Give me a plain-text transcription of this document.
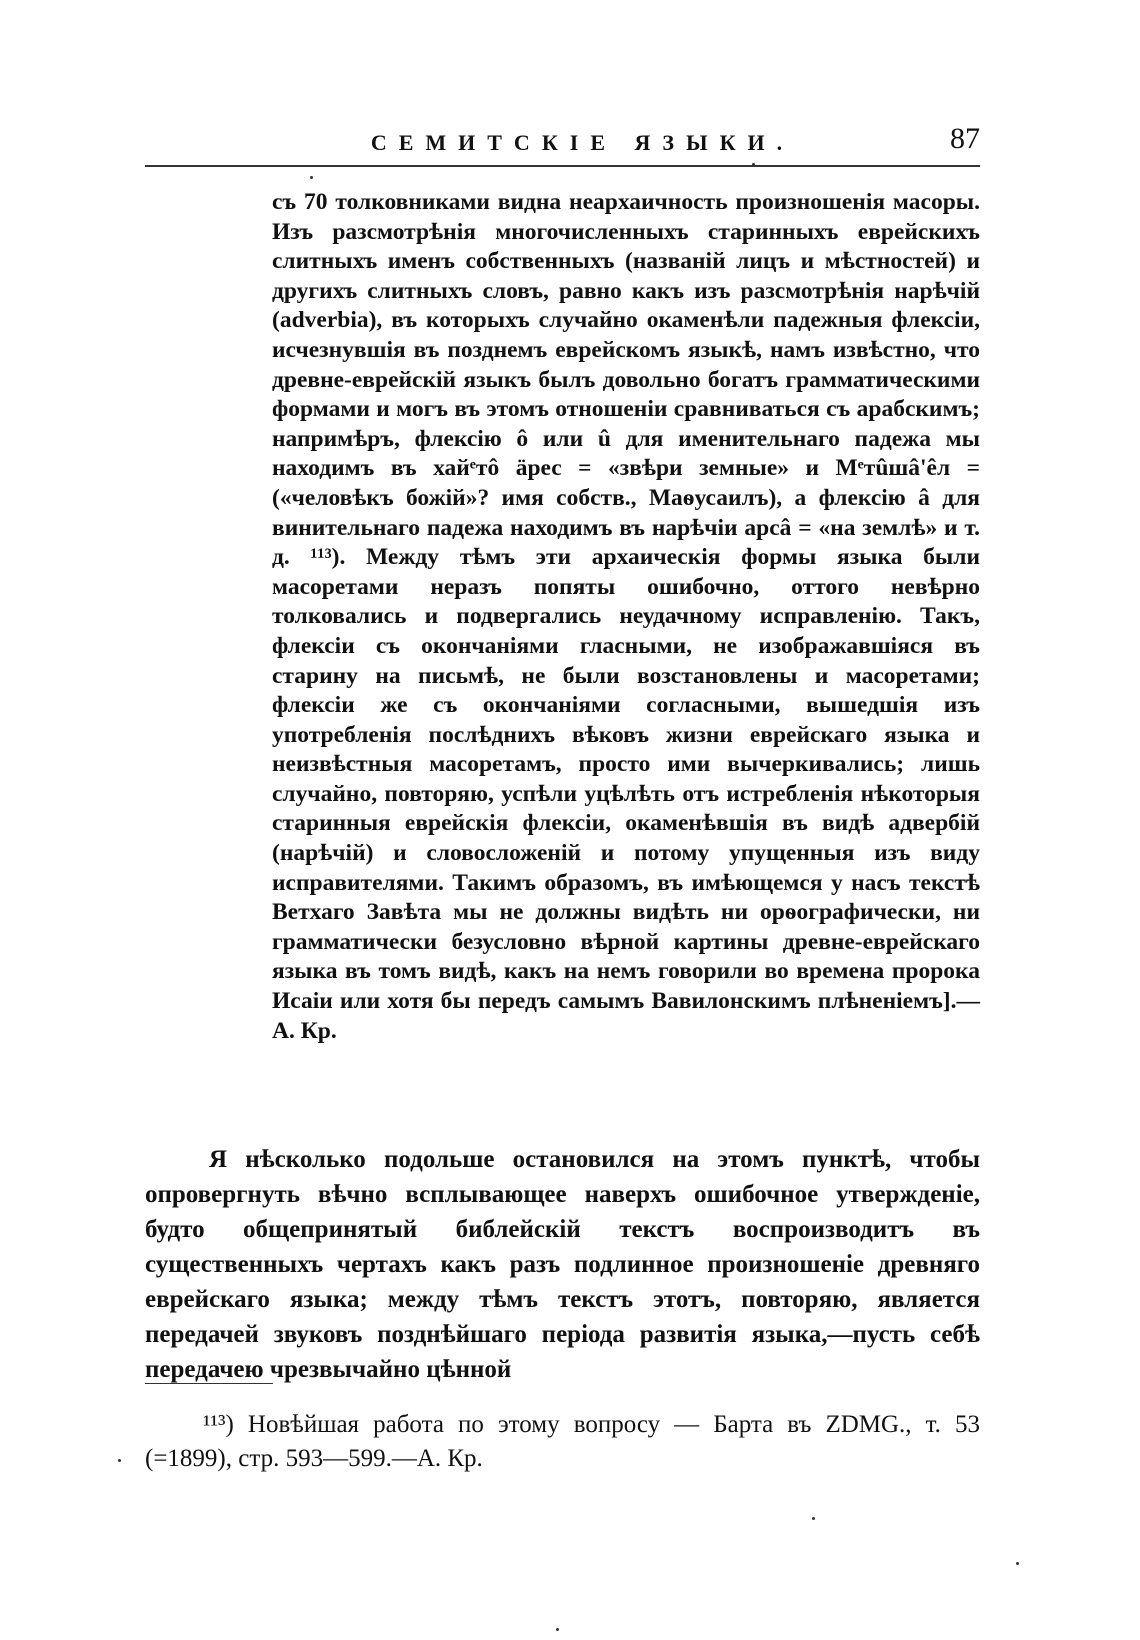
СЕМИТСКІЕ ЯЗЫКИ.	87

съ 70 толковниками видна неархаичность произношенія масоры. Изъ разсмотрѣнія многочисленныхъ старинныхъ еврейскихъ слитныхъ именъ собственныхъ (названій лицъ и мѣстностей) и другихъ слитныхъ словъ, равно какъ изъ разсмотрѣнія нарѣчій (adverbia), въ которыхъ случайно окаменѣли падежныя флексіи, исчезнувшія въ позднемъ еврейскомъ языкѣ, намъ извѣстно, что древне-еврейскій языкъ былъ довольно богатъ грамматическими формами и могъ въ этомъ отношеніи сравниваться съ арабскимъ; напримѣръ, флексію ô или û для именительнаго падежа мы находимъ въ хайᵉтô äрес = «звѣри земные» и Мᵉтûшâ'êл = («человѣкъ божій»? имя собств., Маѳусаилъ), а флексію â для винительнаго падежа находимъ въ нарѣчіи арсâ = «на землѣ» и т. д. ¹¹³). Между тѣмъ эти архаическія формы языка были масоретами неразъ попяты ошибочно, оттого невѣрно толковались и подвергались неудачному исправленію. Такъ, флексіи съ окончаніями гласными, не изображавшіяся въ старину на письмѣ, не были возстановлены и масоретами; флексіи же съ окончаніями согласными, вышедшія изъ употребленія послѣднихъ вѣковъ жизни еврейскаго языка и неизвѣстныя масоретамъ, просто ими вычеркивались; лишь случайно, повторяю, успѣли уцѣлѣть отъ истребленія нѣкоторыя старинныя еврейскія флексіи, окаменѣвшія въ видѣ адвербій (нарѣчій) и словосложеній и потому упущенныя изъ виду исправителями. Такимъ образомъ, въ имѣющемся у насъ текстѣ Ветхаго Завѣта мы не должны видѣть ни орѳографически, ни грамматически безусловно вѣрной картины древне-еврейскаго языка въ томъ видѣ, какъ на немъ говорили во времена пророка Исаіи или хотя бы передъ самымъ Вавилонскимъ плѣненіемъ].—А. Кр.

Я нѣсколько подольше остановился на этомъ пунктѣ, чтобы опровергнуть вѣчно всплывающее наверхъ ошибочное утвержденіе, будто общепринятый библейскій текстъ воспроизводитъ въ существенныхъ чертахъ какъ разъ подлинное произношеніе древняго еврейскаго языка; между тѣмъ текстъ этотъ, повторяю, является передачей звуковъ позднѣйшаго періода развитія языка,—пусть себѣ передачею чрезвычайно цѣнной

¹¹³) Новѣйшая работа по этому вопросу — Барта въ ZDMG., т. 53 (=1899), стр. 593—599.—А. Кр.
